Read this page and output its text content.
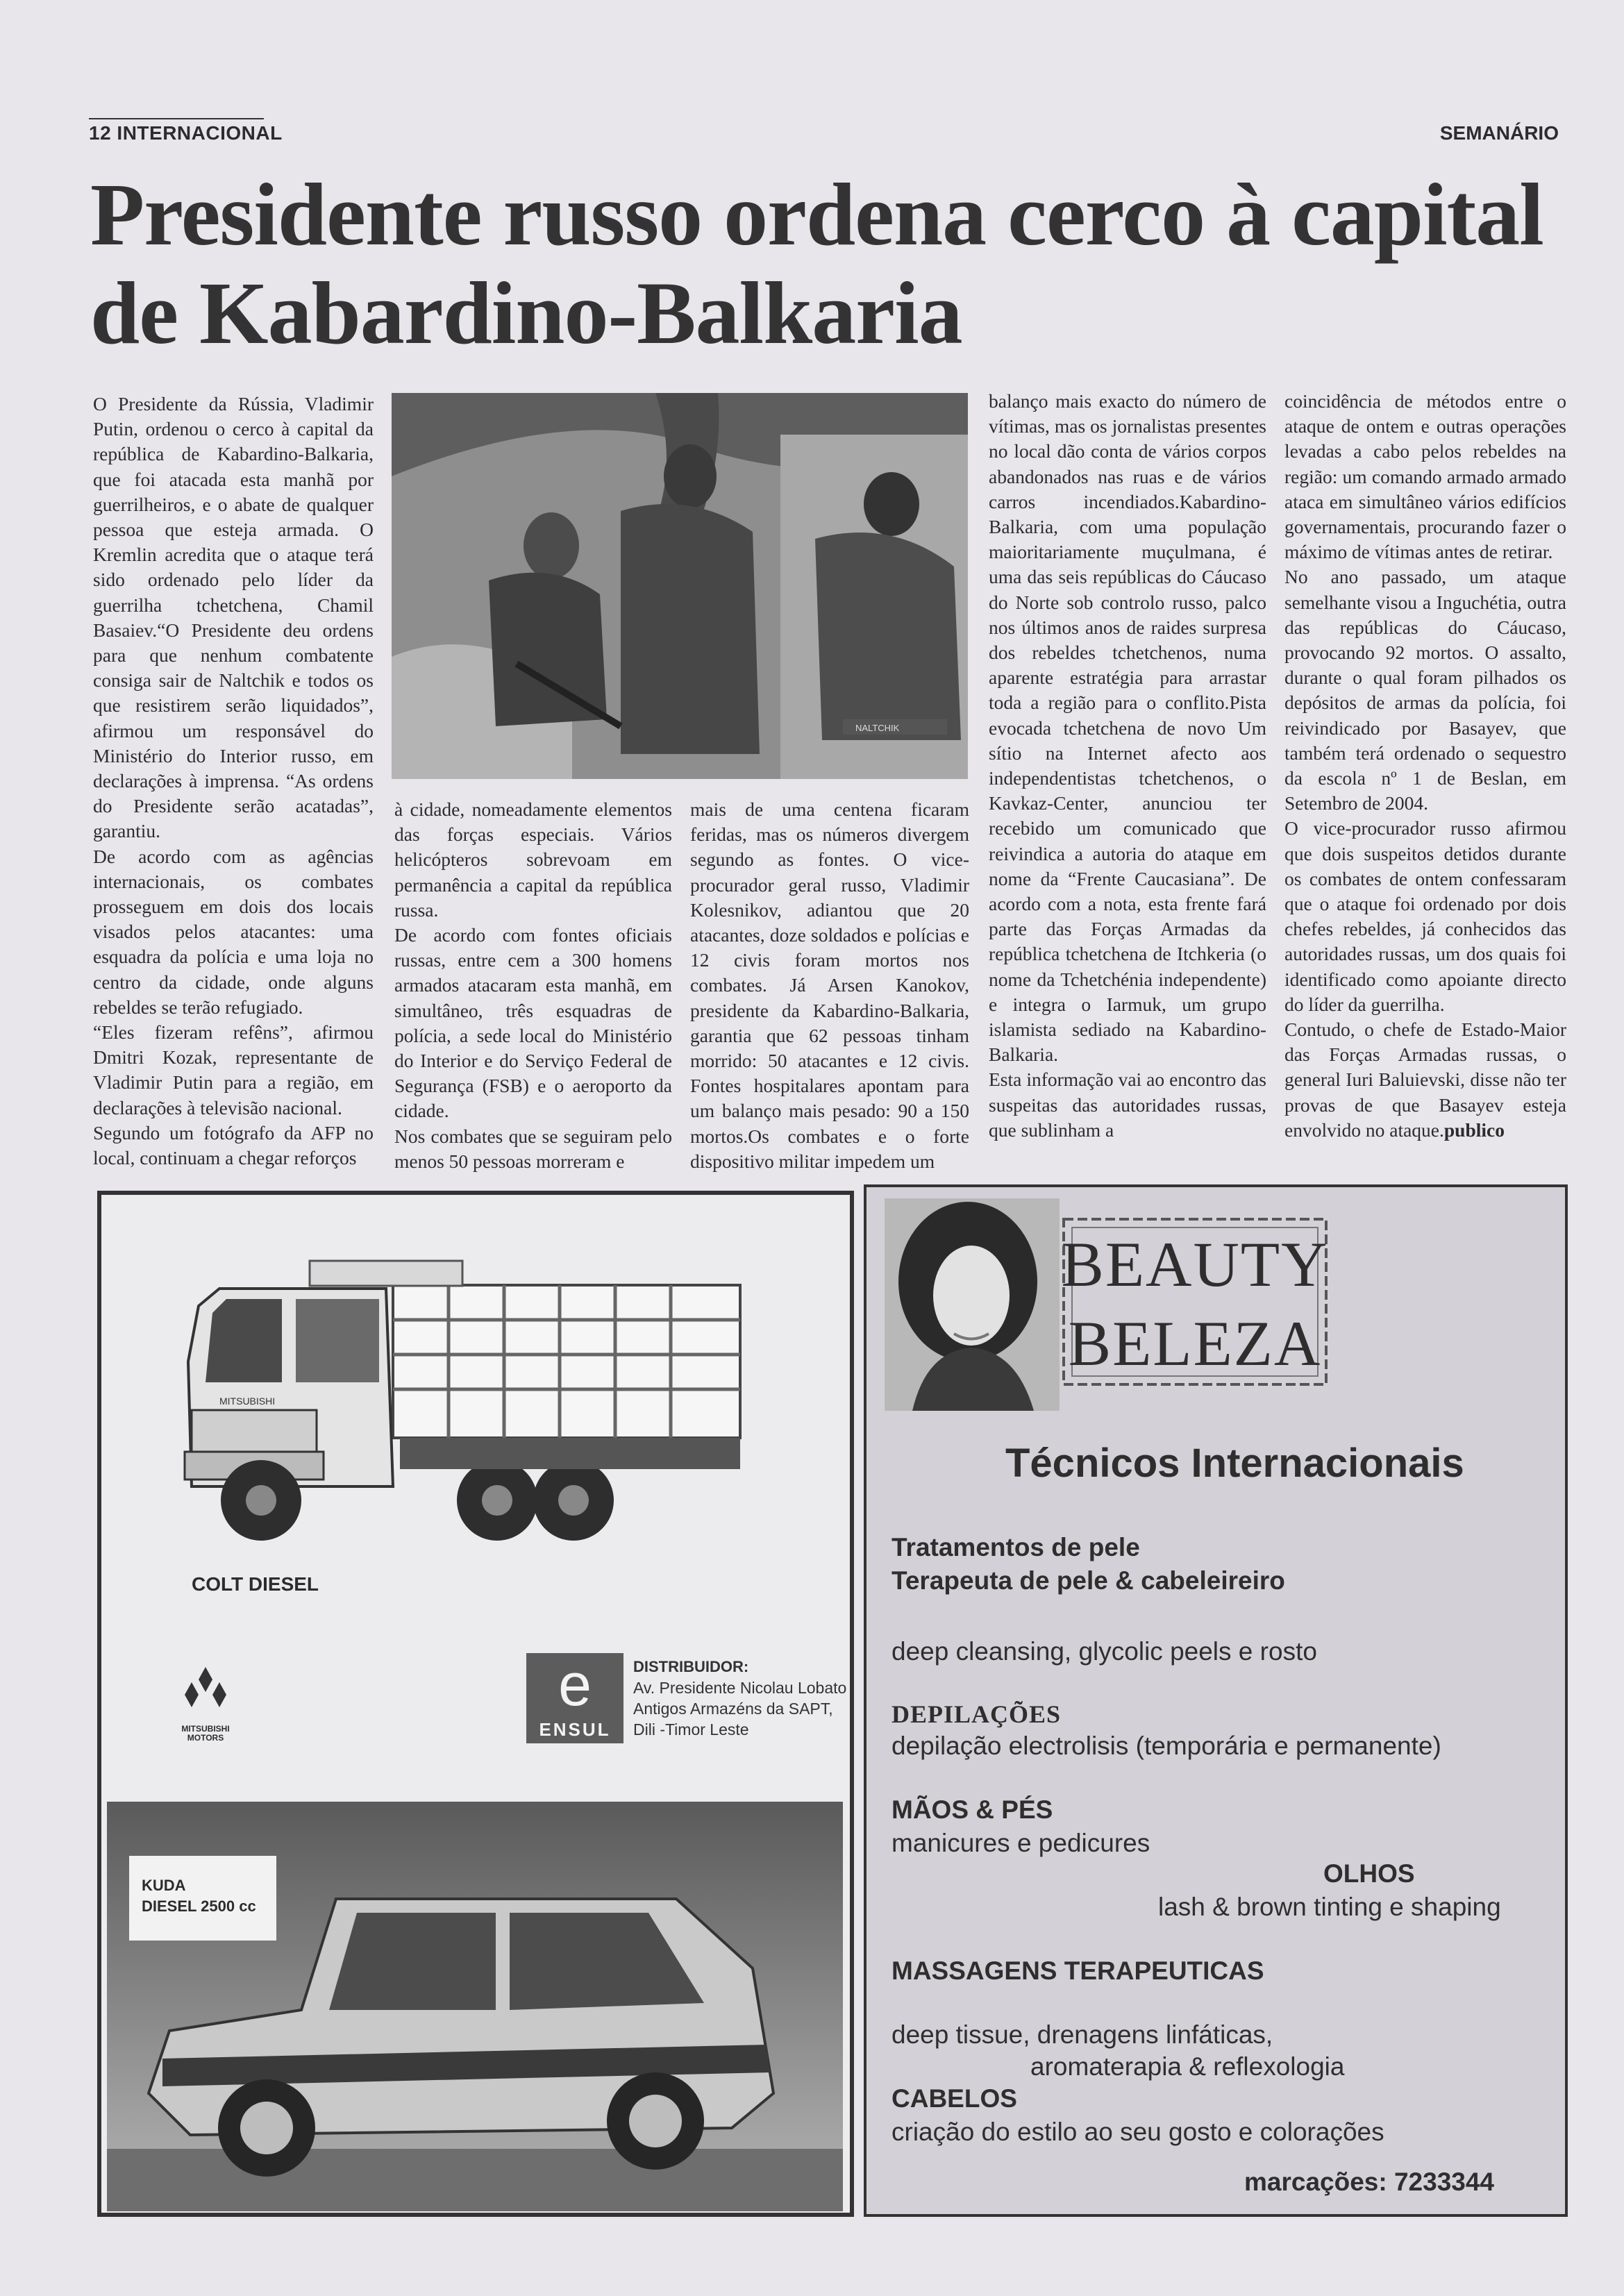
12 INTERNACIONAL	SEMANÁRIO
Presidente russo ordena cerco à capital de Kabardino-Balkaria

O Presidente da Rússia, Vladimir Putin, ordenou o cerco à capital da república de Kabardino-Balkaria, que foi atacada esta manhã por guerrilheiros, e o abate de qualquer pessoa que esteja armada. O Kremlin acredita que o ataque terá sido ordenado pelo líder da guerrilha tchetchena, Chamil Basaiev.“O Presidente deu ordens para que nenhum combatente consiga sair de Naltchik e todos os que resistirem serão liquidados”, afirmou um responsável do Ministério do Interior russo, em declarações à imprensa. “As ordens do Presidente serão acatadas”, garantiu.

De acordo com as agências internacionais, os combates prosseguem em dois dos locais visados pelos atacantes: uma esquadra da polícia e uma loja no centro da cidade, onde alguns rebeldes se terão refugiado.

“Eles fizeram refêns”, afirmou Dmitri Kozak, representante de Vladimir Putin para a região, em declarações à televisão nacional.

Segundo um fotógrafo da AFP no local, continuam a chegar reforços

NALTCHIK

à cidade, nomeadamente elementos das forças especiais. Vários helicópteros sobrevoam em permanência a capital da república russa.

De acordo com fontes oficiais russas, entre cem a 300 homens armados atacaram esta manhã, em simultâneo, três esquadras de polícia, a sede local do Ministério do Interior e do Serviço Federal de Segurança (FSB) e o aeroporto da cidade.

Nos combates que se seguiram pelo menos 50 pessoas morreram e

mais de uma centena ficaram feridas, mas os números divergem segundo as fontes. O vice-procurador geral russo, Vladimir Kolesnikov, adiantou que 20 atacantes, doze soldados e polícias e 12 civis foram mortos nos combates. Já Arsen Kanokov, presidente da Kabardino-Balkaria, garantia que 62 pessoas tinham morrido: 50 atacantes e 12 civis. Fontes hospitalares apontam para um balanço mais pesado: 90 a 150 mortos.Os combates e o forte dispositivo militar impedem um

balanço mais exacto do número de vítimas, mas os jornalistas presentes no local dão conta de vários corpos abandonados nas ruas e de vários carros incendiados.Kabardino-Balkaria, com uma população maioritariamente muçulmana, é uma das seis repúblicas do Cáucaso do Norte sob controlo russo, palco nos últimos anos de raides surpresa dos rebeldes tchetchenos, numa aparente estratégia para arrastar toda a região para o conflito.Pista evocada tchetchena de novo Um sítio na Internet afecto aos independentistas tchetchenos, o Kavkaz-Center, anunciou ter recebido um comunicado que reivindica a autoria do ataque em nome da “Frente Caucasiana”. De acordo com a nota, esta frente fará parte das Forças Armadas da república tchetchena de Itchkeria (o nome da Tchetchénia independente) e integra o Iarmuk, um grupo islamista sediado na Kabardino-Balkaria.

Esta informação vai ao encontro das suspeitas das autoridades russas, que sublinham a

coincidência de métodos entre o ataque de ontem e outras operações levadas a cabo pelos rebeldes na região: um comando armado armado ataca em simultâneo vários edifícios governamentais, procurando fazer o máximo de vítimas antes de retirar.

No ano passado, um ataque semelhante visou a Inguchétia, outra das repúblicas do Cáucaso, provocando 92 mortos. O assalto, durante o qual foram pilhados os depósitos de armas da polícia, foi reivindicado por Basayev, que também terá ordenado o sequestro da escola nº 1 de Beslan, em Setembro de 2004.

O vice-procurador russo afirmou que dois suspeitos detidos durante os combates de ontem confessaram que o ataque foi ordenado por dois chefes rebeldes, já conhecidos das autoridades russas, um dos quais foi identificado como apoiante directo do líder da guerrilha.

Contudo, o chefe de Estado-Maior das Forças Armadas russas, o general Iuri Baluievski, disse não ter provas de que Basayev esteja envolvido no ataque.publico

MITSUBISHI
COLT DIESEL
MITSUBISHI
MOTORS
e
ENSUL
DISTRIBUIDOR:
Av. Presidente Nicolau Lobato
Antigos Armazéns da SAPT,
Dili -Timor Leste
KUDA
DIESEL 2500 cc
BEAUTY
BELEZA
Técnicos Internacionais
Tratamentos de pele
Terapeuta de pele & cabeleireiro
deep cleansing, glycolic peels e rosto
DEPILAÇÕES
depilação electrolisis (temporária e permanente)
MÃOS & PÉS
manicures e pedicures
OLHOS
lash & brown tinting e shaping
MASSAGENS TERAPEUTICAS
deep tissue, drenagens linfáticas,
aromaterapia & reflexologia
CABELOS
criação do estilo ao seu gosto e colorações
marcações: 7233344
